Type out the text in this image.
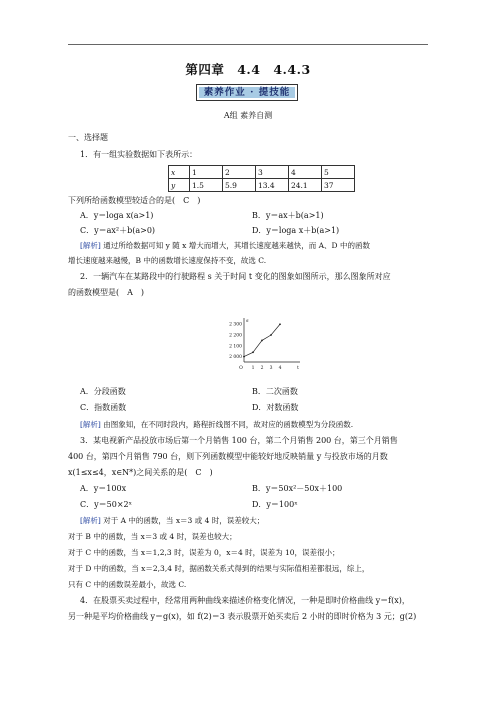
第四章 4.4 4.4.3
素养作业 · 提技能
A组 素养自测
一、选择题
1．有一组实验数据如下表所示：
x	1	2	3	4	5
y	1.5	5.9	13.4	24.1	37
下列所给函数模型较适合的是(　C　)
A．y＝loga x(a>1)	B．y＝ax＋b(a>1)
C．y＝ax²＋b(a>0)	D．y＝loga x＋b(a>1)
[解析] 通过所给数据可知 y 随 x 增大而增大，其增长速度越来越快，而 A、D 中的函数
增长速度越来越慢，B 中的函数增长速度保持不变，故选 C.
2．一辆汽车在某路段中的行驶路程 s 关于时间 t 变化的图象如图所示，那么图象所对应
的函数模型是(　A　)
s
2 000
2 100
2 200
2 300
O 1 2 3 4	t
A．分段函数	B．二次函数
C．指数函数	D．对数函数
[解析] 由图象知，在不同时段内，路程折线图不同，故对应的函数模型为分段函数.
3．某电视新产品投放市场后第一个月销售 100 台，第二个月销售 200 台，第三个月销售
400 台，第四个月销售 790 台，则下列函数模型中能较好地反映销量 y 与投放市场的月数
x(1≤x≤4，x∈N*)之间关系的是(　C　)
A．y＝100x	B．y＝50x²－50x＋100
C．y＝50×2ˣ	D．y＝100ˣ
[解析] 对于 A 中的函数，当 x＝3 或 4 时，误差较大；
对于 B 中的函数，当 x＝3 或 4 时，误差也较大；
对于 C 中的函数，当 x＝1,2,3 时，误差为 0，x＝4 时，误差为 10，误差很小；
对于 D 中的函数，当 x＝2,3,4 时，据函数关系式得到的结果与实际值相差都很远，综上，
只有 C 中的函数误差最小，故选 C.
4．在股票买卖过程中，经常用两种曲线来描述价格变化情况，一种是即时价格曲线 y＝f(x)，
另一种是平均价格曲线 y＝g(x)，如 f(2)＝3 表示股票开始买卖后 2 小时的即时价格为 3 元；g(2)
